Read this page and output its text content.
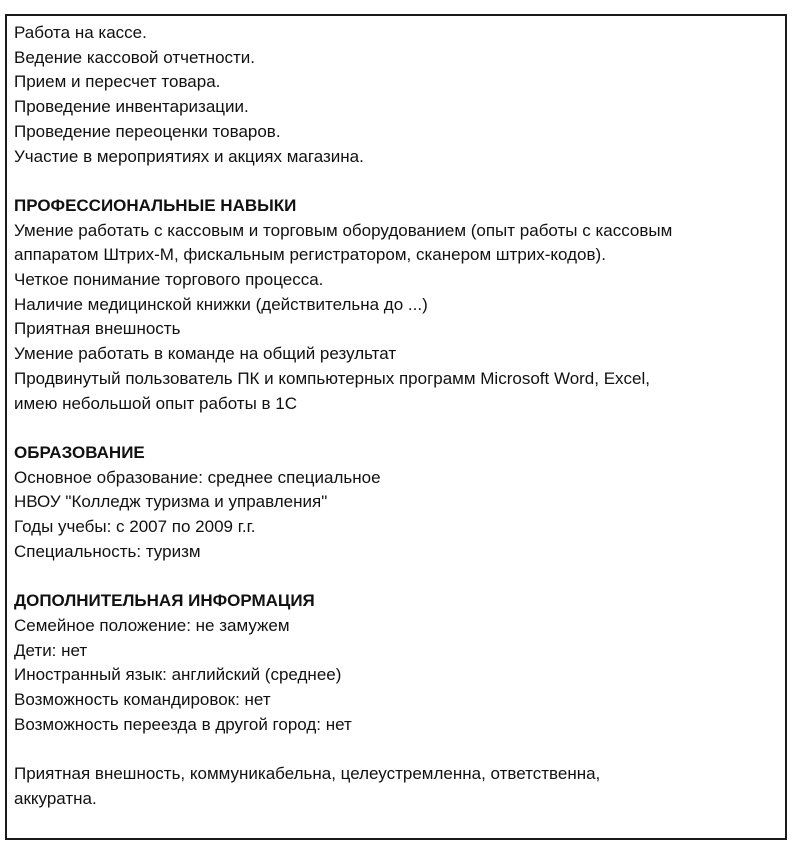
Работа на кассе.

Ведение кассовой отчетности.

Прием и пересчет товара.

Проведение инвентаризации.

Проведение переоценки товаров.

Участие в мероприятиях и акциях магазина.

ПРОФЕССИОНАЛЬНЫЕ НАВЫКИ

Умение работать с кассовым и торговым оборудованием (опыт работы с кассовым

аппаратом Штрих-М, фискальным регистратором, сканером штрих-кодов).

Четкое понимание торгового процесса.

Наличие медицинской книжки (действительна до ...)

Приятная внешность

Умение работать в команде на общий результат

Продвинутый пользователь ПК и компьютерных программ Microsoft Word, Excel,

имею небольшой опыт работы в 1С

ОБРАЗОВАНИЕ

Основное образование: среднее специальное

НВОУ "Колледж туризма и управления"

Годы учебы: с 2007 по 2009 г.г.

Специальность: туризм

ДОПОЛНИТЕЛЬНАЯ ИНФОРМАЦИЯ

Семейное положение: не замужем

Дети: нет

Иностранный язык: английский (среднее)

Возможность командировок: нет

Возможность переезда в другой город: нет

Приятная внешность, коммуникабельна, целеустремленна, ответственна,

аккуратна.
